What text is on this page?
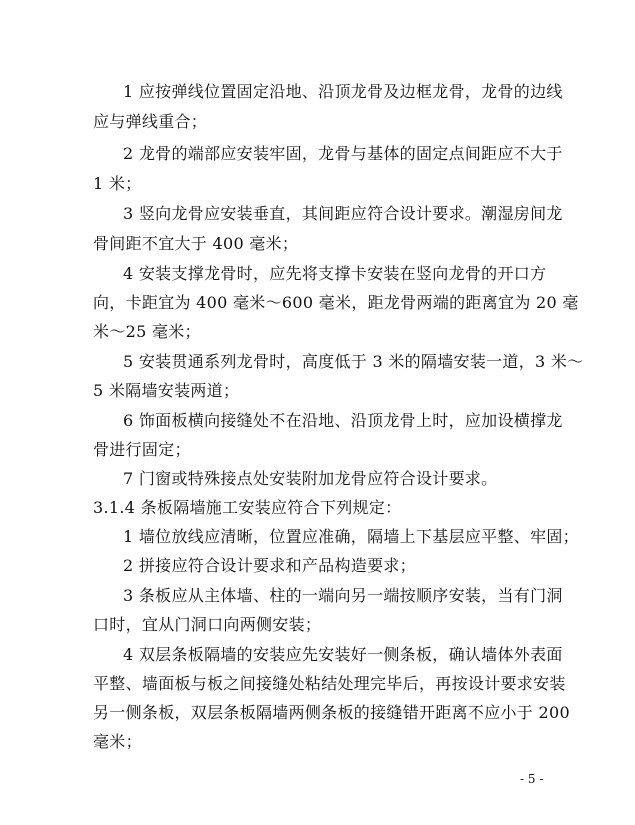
1 应按弹线位置固定沿地、沿顶龙骨及边框龙骨，龙骨的边线
应与弹线重合；
2 龙骨的端部应安装牢固，龙骨与基体的固定点间距应不大于
1 米；
3 竖向龙骨应安装垂直，其间距应符合设计要求。潮湿房间龙
骨间距不宜大于 400 毫米；
4 安装支撑龙骨时，应先将支撑卡安装在竖向龙骨的开口方
向，卡距宜为 400 毫米～600 毫米，距龙骨两端的距离宜为 20 毫
米～25 毫米；
5 安装贯通系列龙骨时，高度低于 3 米的隔墙安装一道，3 米～
5 米隔墙安装两道；
6 饰面板横向接缝处不在沿地、沿顶龙骨上时，应加设横撑龙
骨进行固定；
7 门窗或特殊接点处安装附加龙骨应符合设计要求。
3.1.4 条板隔墙施工安装应符合下列规定：
1 墙位放线应清晰，位置应准确，隔墙上下基层应平整、牢固；
2 拼接应符合设计要求和产品构造要求；
3 条板应从主体墙、柱的一端向另一端按顺序安装，当有门洞
口时，宜从门洞口向两侧安装；
4 双层条板隔墙的安装应先安装好一侧条板，确认墙体外表面
平整、墙面板与板之间接缝处粘结处理完毕后，再按设计要求安装
另一侧条板，双层条板隔墙两侧条板的接缝错开距离不应小于 200
毫米；
- 5 -
